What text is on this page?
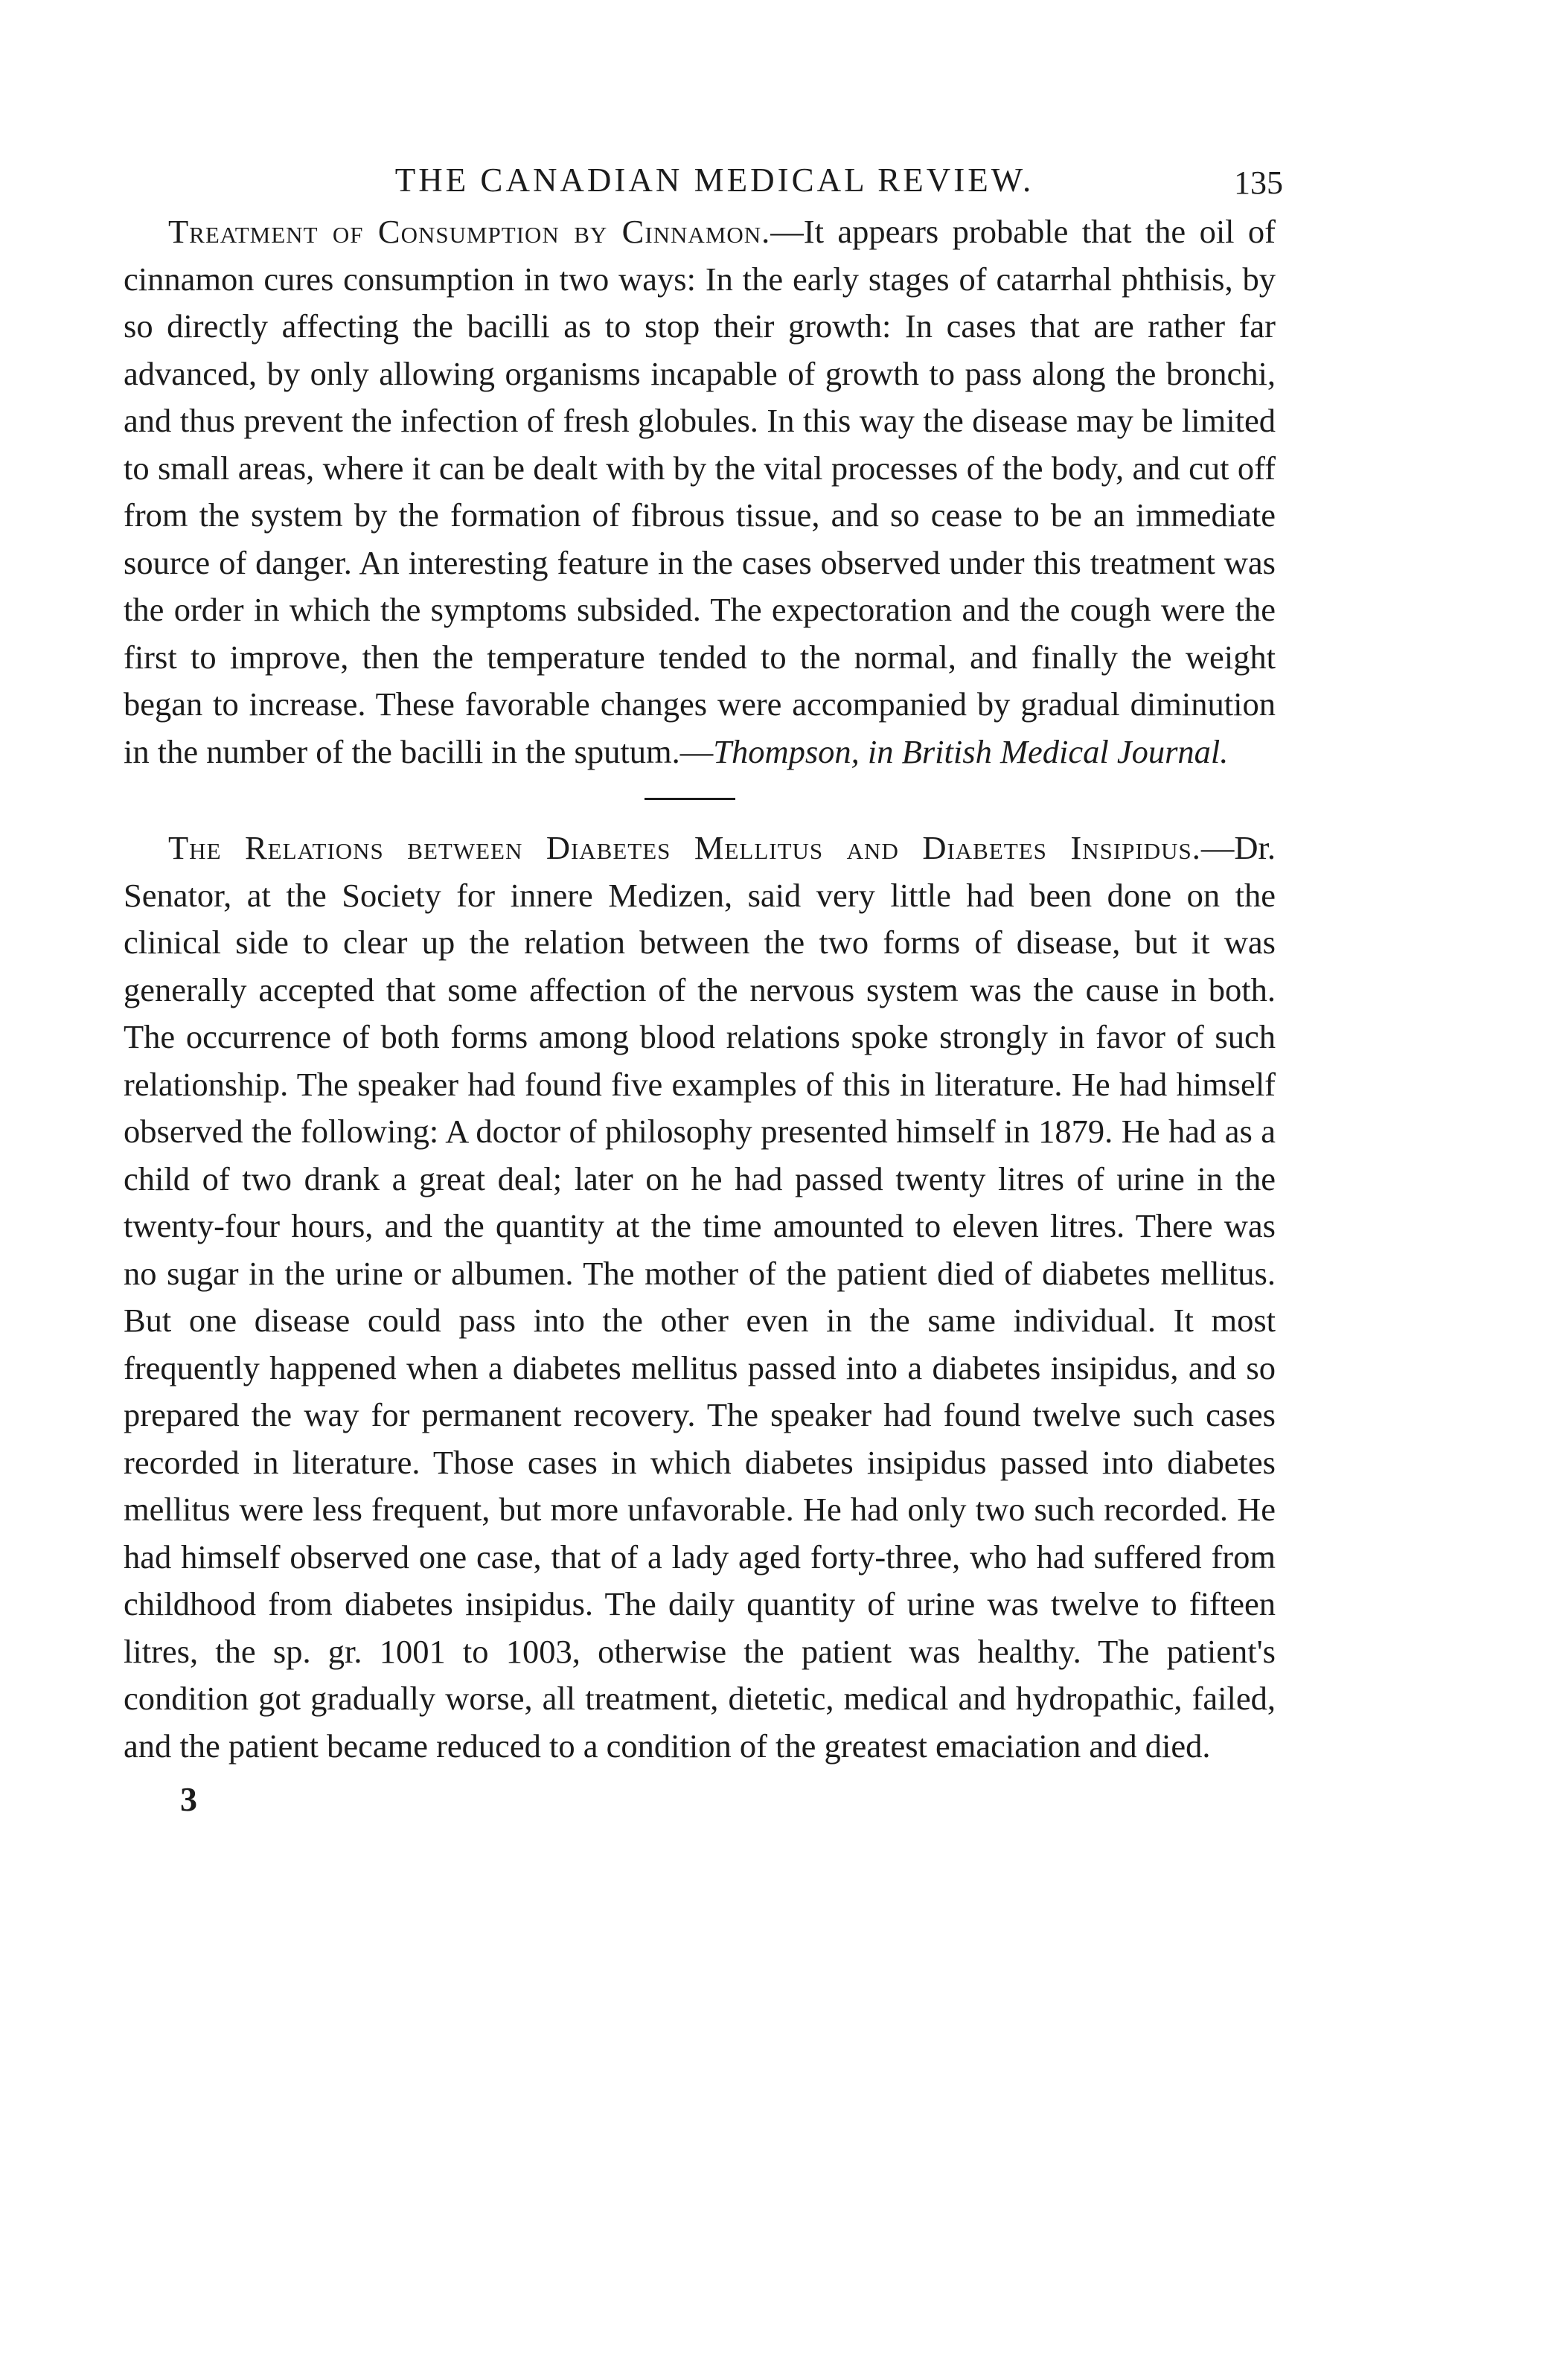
THE CANADIAN MEDICAL REVIEW.	135

Treatment of Consumption by Cinnamon.—It appears probable that the oil of cinnamon cures consumption in two ways: In the early stages of catarrhal phthisis, by so directly affecting the bacilli as to stop their growth: In cases that are rather far advanced, by only allowing organisms incapable of growth to pass along the bronchi, and thus prevent the infection of fresh globules. In this way the disease may be limited to small areas, where it can be dealt with by the vital processes of the body, and cut off from the system by the formation of fibrous tissue, and so cease to be an immediate source of danger. An interesting feature in the cases observed under this treatment was the order in which the symptoms subsided. The expectoration and the cough were the first to improve, then the temperature tended to the normal, and finally the weight began to increase. These favorable changes were accompanied by gradual diminution in the number of the bacilli in the sputum.—Thompson, in British Medical Journal.

The Relations between Diabetes Mellitus and Diabetes Insipidus.—Dr. Senator, at the Society for innere Medizen, said very little had been done on the clinical side to clear up the relation between the two forms of disease, but it was generally accepted that some affection of the nervous system was the cause in both. The occurrence of both forms among blood relations spoke strongly in favor of such relationship. The speaker had found five examples of this in literature. He had himself observed the following: A doctor of philosophy presented himself in 1879. He had as a child of two drank a great deal; later on he had passed twenty litres of urine in the twenty-four hours, and the quantity at the time amounted to eleven litres. There was no sugar in the urine or albumen. The mother of the patient died of diabetes mellitus. But one disease could pass into the other even in the same individual. It most frequently happened when a diabetes mellitus passed into a diabetes insipidus, and so prepared the way for permanent recovery. The speaker had found twelve such cases recorded in literature. Those cases in which diabetes insipidus passed into diabetes mellitus were less frequent, but more unfavorable. He had only two such recorded. He had himself observed one case, that of a lady aged forty-three, who had suffered from childhood from diabetes insipidus. The daily quantity of urine was twelve to fifteen litres, the sp. gr. 1001 to 1003, otherwise the patient was healthy. The patient's condition got gradually worse, all treatment, dietetic, medical and hydropathic, failed, and the patient became reduced to a condition of the greatest emaciation and died.

3
